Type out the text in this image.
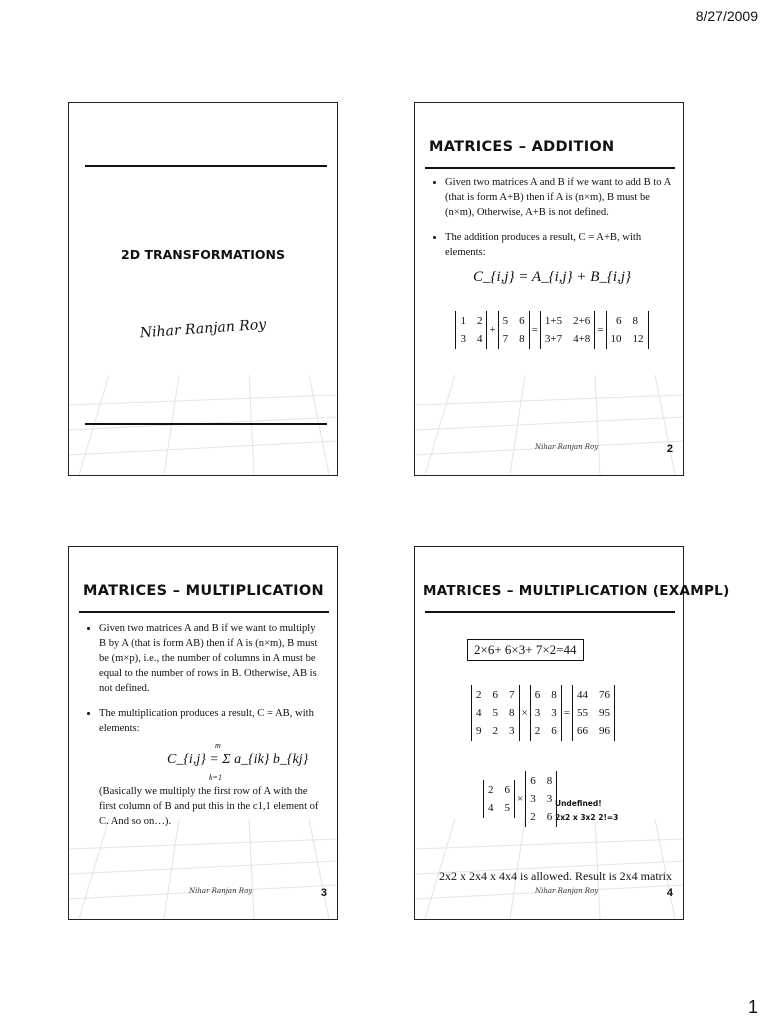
8/27/2009
2D TRANSFORMATIONS
Nihar Ranjan Roy
MATRICES – ADDITION
• Given two matrices A and B if we want to add B to A (that is form A+B) then if A is (n×m), B must be (n×m), Otherwise, A+B is not defined.
• The addition produces a result, C = A+B, with elements:
C_{i,j} = A_{i,j} + B_{i,j}
1 2
3 4
+
5 6
7 8
=
1+5 2+6
3+7 4+8
=
6 8
10 12
Nihar Ranjan Roy	2
MATRICES – MULTIPLICATION
• Given two matrices A and B if we want to multiply B by A (that is form AB) then if A is (n×m), B must be (m×p), i.e., the number of columns in A must be equal to the number of rows in B. Otherwise, AB is not defined.
• The multiplication produces a result, C = AB, with elements:
C_{i,j} = Σ a_{ik} b_{kj}
m
k=1
(Basically we multiply the first row of A with the first column of B and put this in the c1,1 element of C. And so on…).
Nihar Ranjan Roy	3
MATRICES – MULTIPLICATION (EXAMPL)
2×6+ 6×3+ 7×2=44
2 6 7
4 5 8
9 2 3
×
6 8
3 3
2 6
=
44 76
55 95
66 96
2 6
4 5
×
6 8
3 3
2 6
Undefined!
2x2 x 3x2 2!=3
2x2 x 2x4 x 4x4 is allowed. Result is 2x4 matrix
Nihar Ranjan Roy	4
1
